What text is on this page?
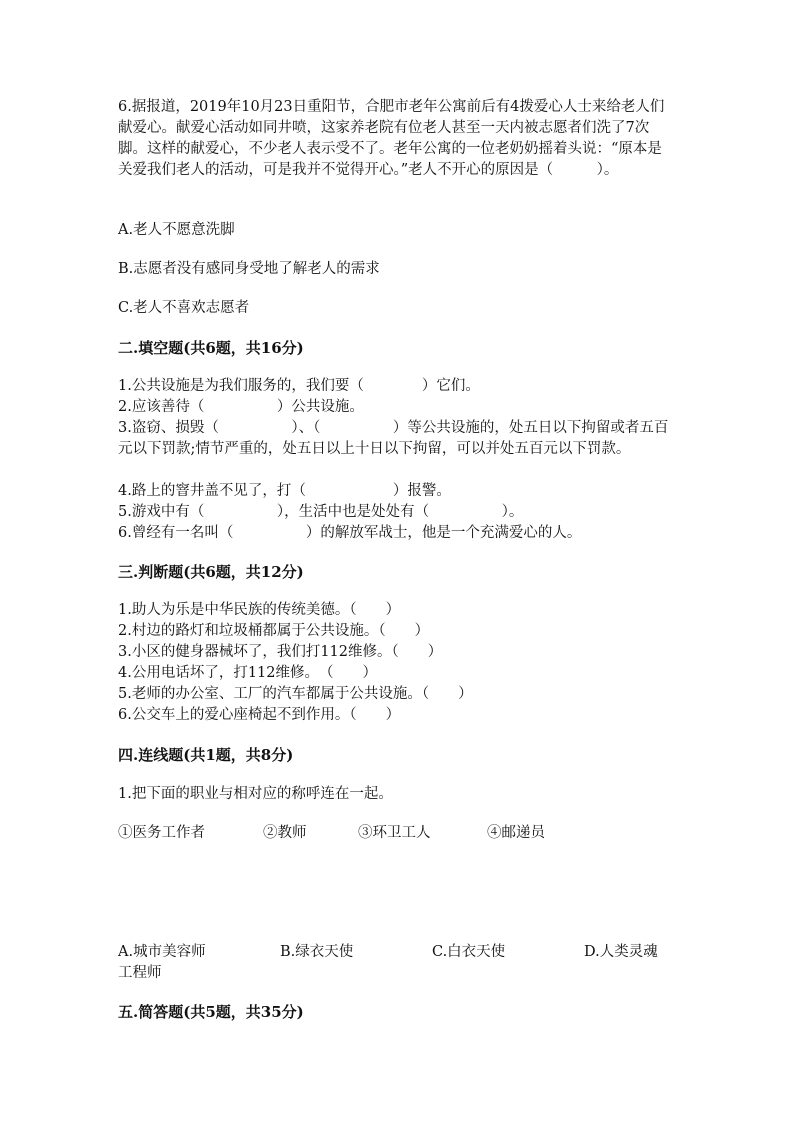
6.据报道，2019年10月23日重阳节，合肥市老年公寓前后有4拨爱心人士来给老人们献爱心。献爱心活动如同井喷，这家养老院有位老人甚至一天内被志愿者们洗了7次脚。这样的献爱心，不少老人表示受不了。老年公寓的一位老奶奶摇着头说：“原本是关爱我们老人的活动，可是我并不觉得开心。”老人不开心的原因是（　　　）。
A.老人不愿意洗脚
B.志愿者没有感同身受地了解老人的需求
C.老人不喜欢志愿者
二.填空题(共6题，共16分)
1.公共设施是为我们服务的，我们要（　　　　）它们。
2.应该善待（　　　　　）公共设施。
3.盗窃、损毁（　　　　　）、（　　　　　）等公共设施的，处五日以下拘留或者五百元以下罚款;情节严重的，处五日以上十日以下拘留，可以并处五百元以下罚款。
4.路上的窨井盖不见了，打（　　　　　　）报警。
5.游戏中有（　　　　　），生活中也是处处有（　　　　　）。
6.曾经有一名叫（　　　　　）的解放军战士，他是一个充满爱心的人。
三.判断题(共6题，共12分)
1.助人为乐是中华民族的传统美德。（　　）
2.村边的路灯和垃圾桶都属于公共设施。（　　）
3.小区的健身器械坏了，我们打112维修。（　　）
4.公用电话坏了，打112维修。　（　　）
5.老师的办公室、工厂的汽车都属于公共设施。（　　）
6.公交车上的爱心座椅起不到作用。（　　）
四.连线题(共1题，共8分)
1.把下面的职业与相对应的称呼连在一起。
①医务工作者	②教师	③环卫工人	④邮递员
A.城市美容师	B.绿衣天使	C.白衣天使	D.人类灵魂
工程师
五.简答题(共5题，共35分)
